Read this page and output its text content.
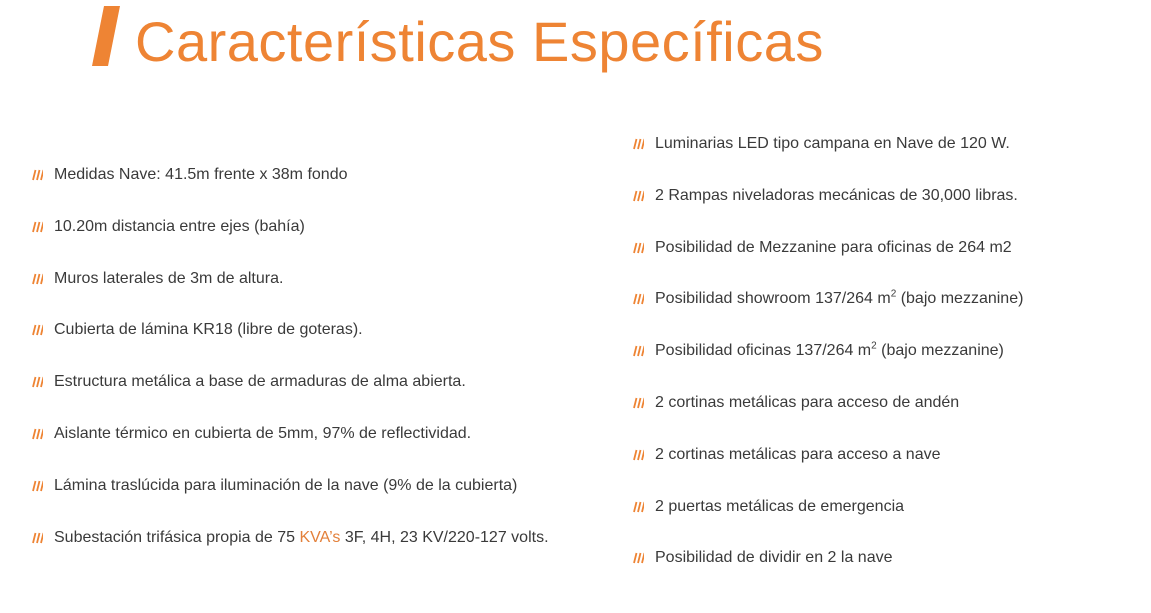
Características Específicas
Medidas Nave: 41.5m frente x 38m fondo
10.20m distancia entre ejes (bahía)
Muros laterales de 3m de altura.
Cubierta de lámina KR18 (libre de goteras).
Estructura metálica a base de armaduras de alma abierta.
Aislante térmico en cubierta de 5mm, 97% de reflectividad.
Lámina traslúcida para iluminación de la nave (9% de la cubierta)
Subestación trifásica propia de 75 KVA’s 3F, 4H, 23 KV/220-127 volts.
Luminarias LED tipo campana en Nave de 120 W.
2 Rampas niveladoras mecánicas de 30,000 libras.
Posibilidad de Mezzanine para oficinas de 264 m2
Posibilidad showroom 137/264 $m^2$ (bajo mezzanine)
Posibilidad oficinas 137/264 $m^2$ (bajo mezzanine)
2 cortinas metálicas para acceso de andén
2 cortinas metálicas para acceso a nave
2 puertas metálicas de emergencia
Posibilidad de dividir en 2 la nave
